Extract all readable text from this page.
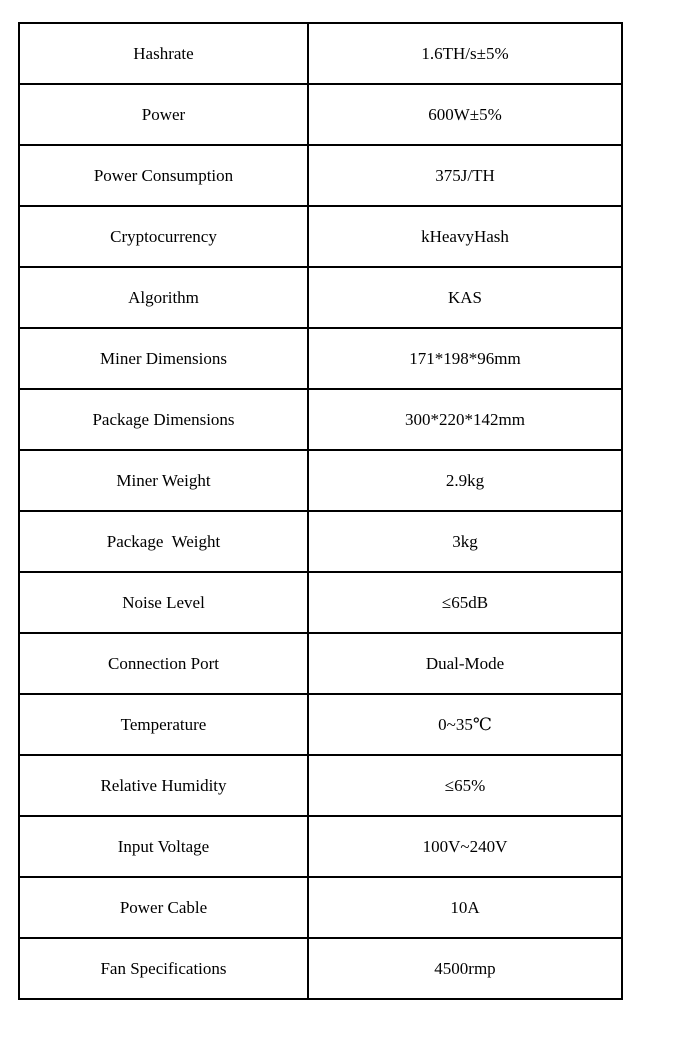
Hashrate	1.6TH/s±5%
Power	600W±5%
Power Consumption	375J/TH
Cryptocurrency	kHeavyHash
Algorithm	KAS
Miner Dimensions	171*198*96mm
Package Dimensions	300*220*142mm
Miner Weight	2.9kg
Package  Weight	3kg
Noise Level	≤65dB
Connection Port	Dual-Mode
Temperature	0~35℃
Relative Humidity	≤65%
Input Voltage	100V~240V
Power Cable	10A
Fan Specifications	4500rmp
